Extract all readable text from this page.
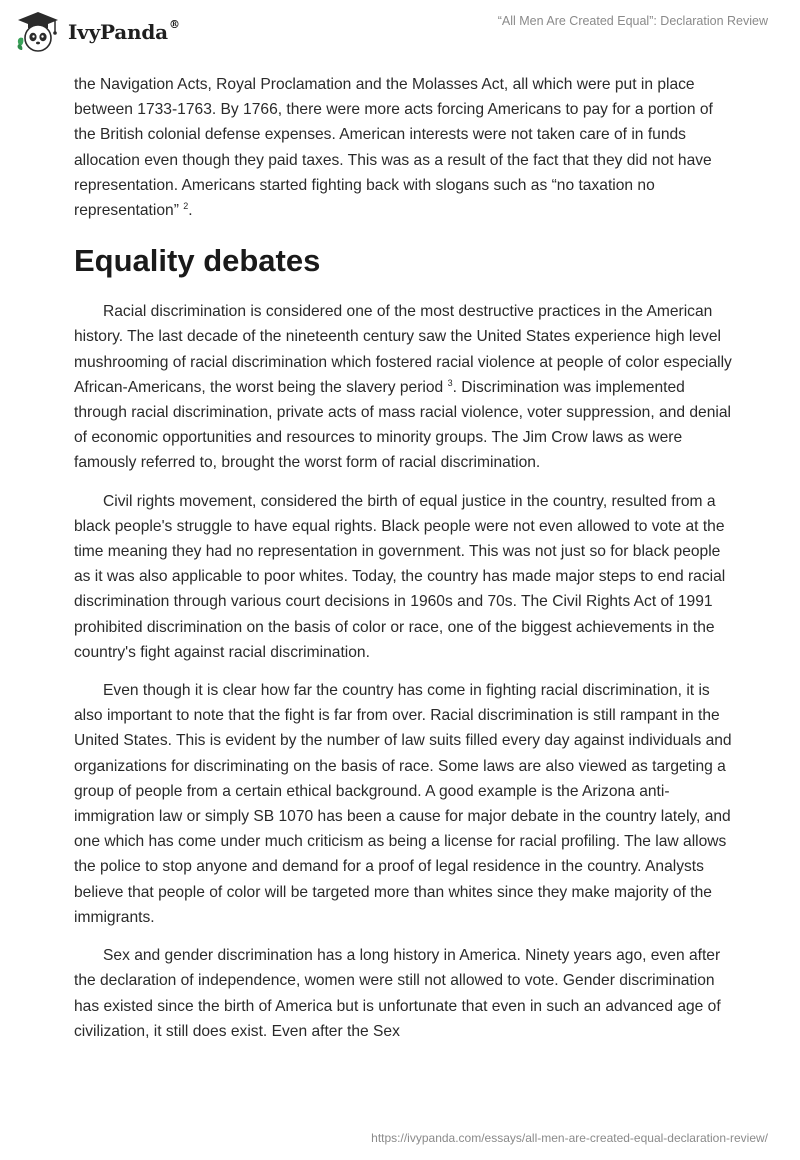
IvyPanda®	“All Men Are Created Equal”: Declaration Review

the Navigation Acts, Royal Proclamation and the Molasses Act, all which were put in place between 1733-1763. By 1766, there were more acts forcing Americans to pay for a portion of the British colonial defense expenses. American interests were not taken care of in funds allocation even though they paid taxes. This was as a result of the fact that they did not have representation. Americans started fighting back with slogans such as “no taxation no representation” $^2$.

Equality debates

Racial discrimination is considered one of the most destructive practices in the American history. The last decade of the nineteenth century saw the United States experience high level mushrooming of racial discrimination which fostered racial violence at people of color especially African-Americans, the worst being the slavery period $^3$. Discrimination was implemented through racial discrimination, private acts of mass racial violence, voter suppression, and denial of economic opportunities and resources to minority groups. The Jim Crow laws as were famously referred to, brought the worst form of racial discrimination.

Civil rights movement, considered the birth of equal justice in the country, resulted from a black people's struggle to have equal rights. Black people were not even allowed to vote at the time meaning they had no representation in government. This was not just so for black people as it was also applicable to poor whites. Today, the country has made major steps to end racial discrimination through various court decisions in 1960s and 70s. The Civil Rights Act of 1991 prohibited discrimination on the basis of color or race, one of the biggest achievements in the country's fight against racial discrimination.

Even though it is clear how far the country has come in fighting racial discrimination, it is also important to note that the fight is far from over. Racial discrimination is still rampant in the United States. This is evident by the number of law suits filled every day against individuals and organizations for discriminating on the basis of race. Some laws are also viewed as targeting a group of people from a certain ethical background. A good example is the Arizona anti-immigration law or simply SB 1070 has been a cause for major debate in the country lately, and one which has come under much criticism as being a license for racial profiling. The law allows the police to stop anyone and demand for a proof of legal residence in the country. Analysts believe that people of color will be targeted more than whites since they make majority of the immigrants.

Sex and gender discrimination has a long history in America. Ninety years ago, even after the declaration of independence, women were still not allowed to vote. Gender discrimination has existed since the birth of America but is unfortunate that even in such an advanced age of civilization, it still does exist. Even after the Sex

https://ivypanda.com/essays/all-men-are-created-equal-declaration-review/
